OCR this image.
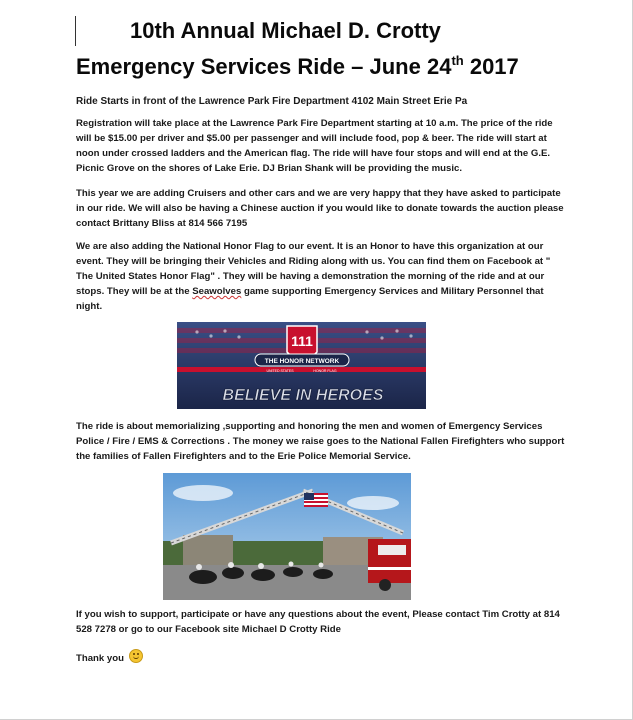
10th Annual Michael D. Crotty
Emergency Services Ride – June 24th 2017
Ride Starts in front of the Lawrence Park Fire Department 4102 Main Street Erie Pa
Registration will take place at the Lawrence Park Fire Department starting at 10 a.m. The price of the ride will be $15.00 per driver and $5.00 per passenger and will include food, pop & beer. The ride will start at noon under crossed ladders and the American flag. The ride will have four stops and will end at the G.E. Picnic Grove on the shores of Lake Erie. DJ Brian Shank will be providing the music.
This year we are adding Cruisers and other cars and we are very happy that they have asked to participate in our ride. We will also be having a Chinese auction if you would like to donate towards the auction please contact Brittany Bliss at 814 566 7195
We are also adding the National Honor Flag to our event. It is an Honor to have this organization at our event. They will be bringing their Vehicles and Riding along with us. You can find them on Facebook at " The United States Honor Flag" . They will be having a demonstration the morning of the ride and at our stops. They will be at the Seawolves game supporting Emergency Services and Military Personnel that night.
111
THE HONOR NETWORK
UNITED STATES	HONOR FLAG
BELIEVE IN HEROES
The ride is about memorializing ,supporting and honoring the men and women of Emergency Services Police / Fire / EMS & Corrections . The money we raise goes to the National Fallen Firefighters who support the families of Fallen Firefighters and to the Erie Police Memorial Service.
If you wish to support, participate or have any questions about the event, Please contact Tim Crotty at 814 528 7278 or go to our Facebook site Michael D Crotty Ride
Thank you
